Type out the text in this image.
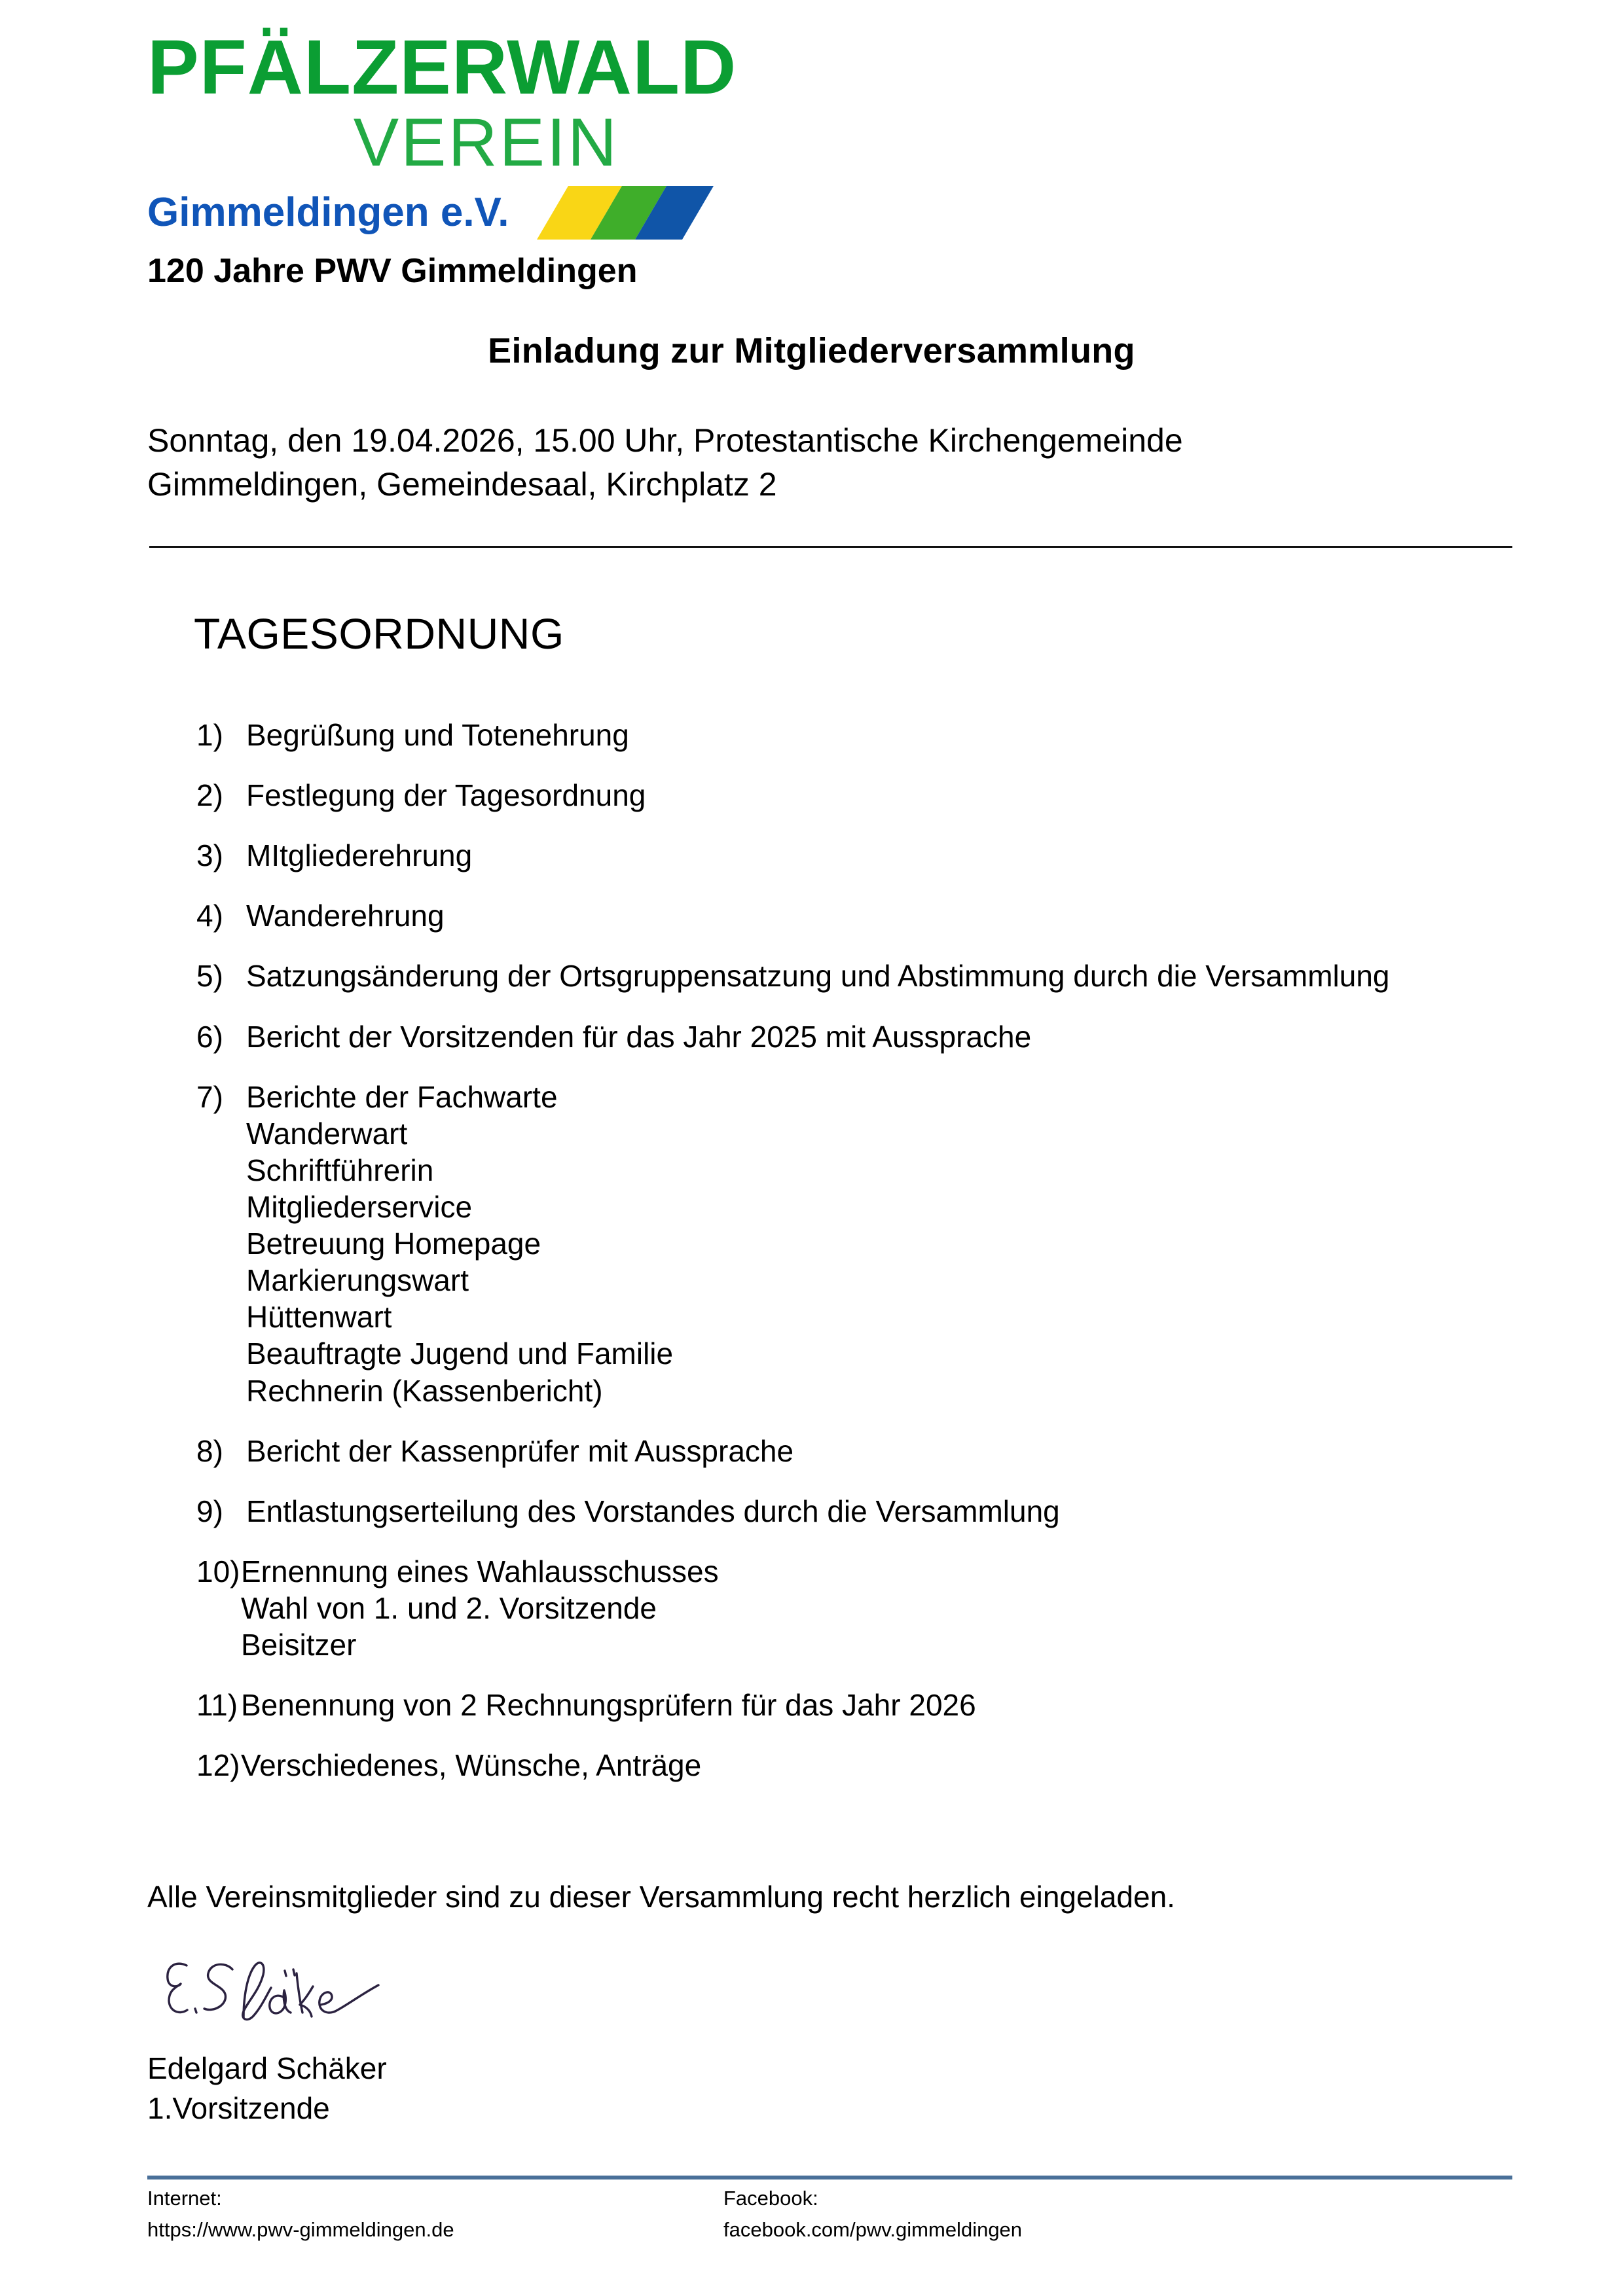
PFÄLZERWALD
VEREIN
Gimmeldingen e.V.
120 Jahre PWV Gimmeldingen
Einladung zur Mitgliederversammlung
Sonntag, den 19.04.2026, 15.00 Uhr, Protestantische Kirchengemeinde
Gimmeldingen, Gemeindesaal, Kirchplatz 2
TAGESORDNUNG
1) Begrüßung und Totenehrung
2) Festlegung der Tagesordnung
3) MItgliederehrung
4) Wanderehrung
5) Satzungsänderung der Ortsgruppensatzung und Abstimmung durch die Versammlung
6) Bericht der Vorsitzenden für das Jahr 2025 mit Aussprache
7) Berichte der Fachwarte
Wanderwart
Schriftführerin
Mitgliederservice
Betreuung Homepage
Markierungswart
Hüttenwart
Beauftragte Jugend und Familie
Rechnerin (Kassenbericht)
8) Bericht der Kassenprüfer mit Aussprache
9) Entlastungserteilung des Vorstandes durch die Versammlung
10) Ernennung eines Wahlausschusses
Wahl von 1. und 2. Vorsitzende
Beisitzer
11) Benennung von 2 Rechnungsprüfern für das Jahr 2026
12) Verschiedenes, Wünsche, Anträge
Alle Vereinsmitglieder sind zu dieser Versammlung recht herzlich eingeladen.
Edelgard Schäker
1.Vorsitzende
Internet:
https://www.pwv-gimmeldingen.de
Facebook:
facebook.com/pwv.gimmeldingen
